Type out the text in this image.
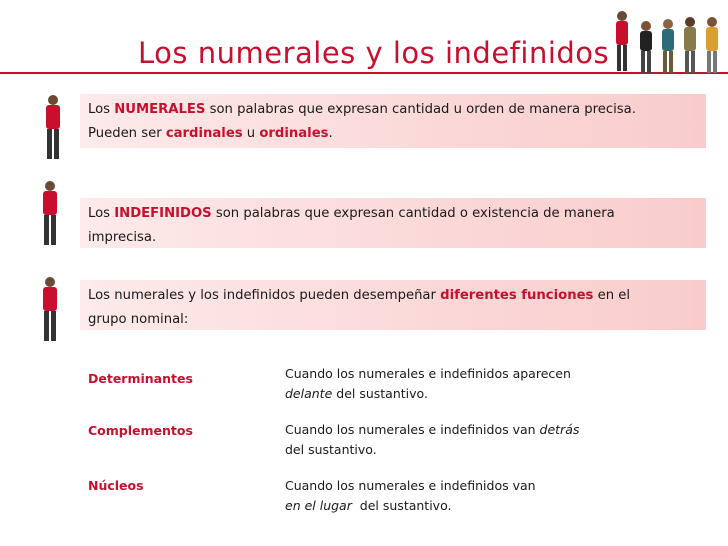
Los numerales y los indefinidos
Los NUMERALES son palabras que expresan cantidad u orden de manera precisa.
Pueden ser cardinales u ordinales.
Los INDEFINIDOS son palabras que expresan cantidad o existencia de manera
imprecisa.
Los numerales y los indefinidos pueden desempeñar diferentes funciones en el
grupo nominal:
Determinantes	Cuando los numerales e indefinidos aparecen
delante del sustantivo.
Complementos	Cuando los numerales e indefinidos van detrás
del sustantivo.
Núcleos	Cuando los numerales e indefinidos van
en el lugar  del sustantivo.
